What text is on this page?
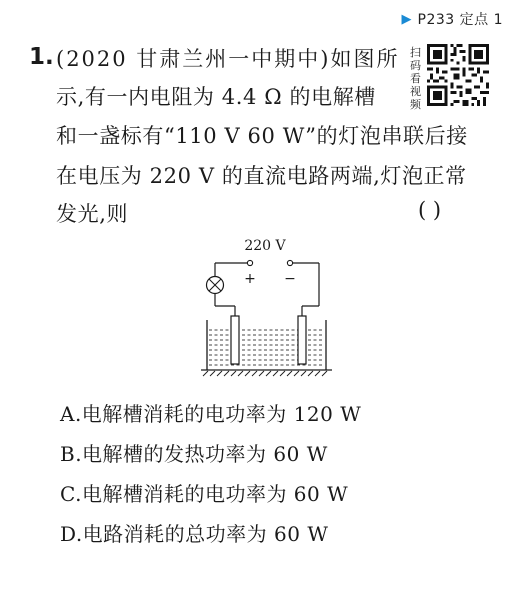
▶ P233 定点 1
1. (2020 甘肃兰州一中期中)如图所
示,有一内电阻为 4.4 Ω 的电解槽
和一盏标有“110 V 60 W”的灯泡串联后接
在电压为 220 V 的直流电路两端,灯泡正常
发光,则	( )
扫码看视频
220 V
+ −
A.电解槽消耗的电功率为 120 W
B.电解槽的发热功率为 60 W
C.电解槽消耗的电功率为 60 W
D.电路消耗的总功率为 60 W
